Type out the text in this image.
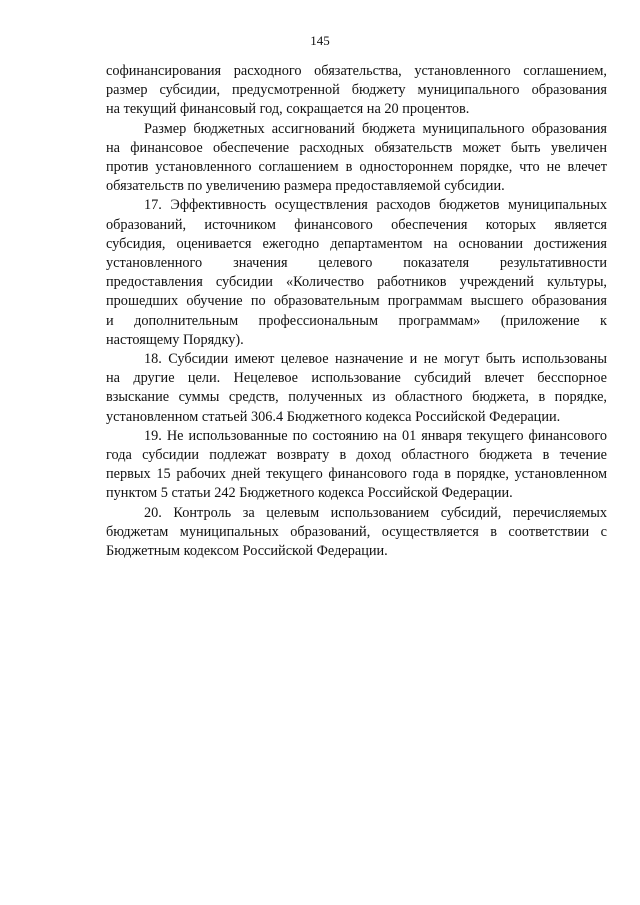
145
софинансирования расходного обязательства, установленного соглашением,
размер субсидии, предусмотренной бюджету муниципального образования
на текущий финансовый год, сокращается на 20 процентов.
Размер бюджетных ассигнований бюджета муниципального образования
на финансовое обеспечение расходных обязательств может быть увеличен
против установленного соглашением в одностороннем порядке, что не влечет
обязательств по увеличению размера предоставляемой субсидии.
17. Эффективность осуществления расходов бюджетов муниципальных
образований, источником финансового обеспечения которых является
субсидия, оценивается ежегодно департаментом на основании достижения
установленного значения целевого показателя результативности
предоставления субсидии «Количество работников учреждений культуры,
прошедших обучение по образовательным программам высшего образования
и дополнительным профессиональным программам» (приложение к
настоящему Порядку).
18. Субсидии имеют целевое назначение и не могут быть использованы
на другие цели. Нецелевое использование субсидий влечет бесспорное
взыскание суммы средств, полученных из областного бюджета, в порядке,
установленном статьей 306.4 Бюджетного кодекса Российской Федерации.
19. Не использованные по состоянию на 01 января текущего финансового
года субсидии подлежат возврату в доход областного бюджета в течение
первых 15 рабочих дней текущего финансового года в порядке, установленном
пунктом 5 статьи 242 Бюджетного кодекса Российской Федерации.
20. Контроль за целевым использованием субсидий, перечисляемых
бюджетам муниципальных образований, осуществляется в соответствии с
Бюджетным кодексом Российской Федерации.
